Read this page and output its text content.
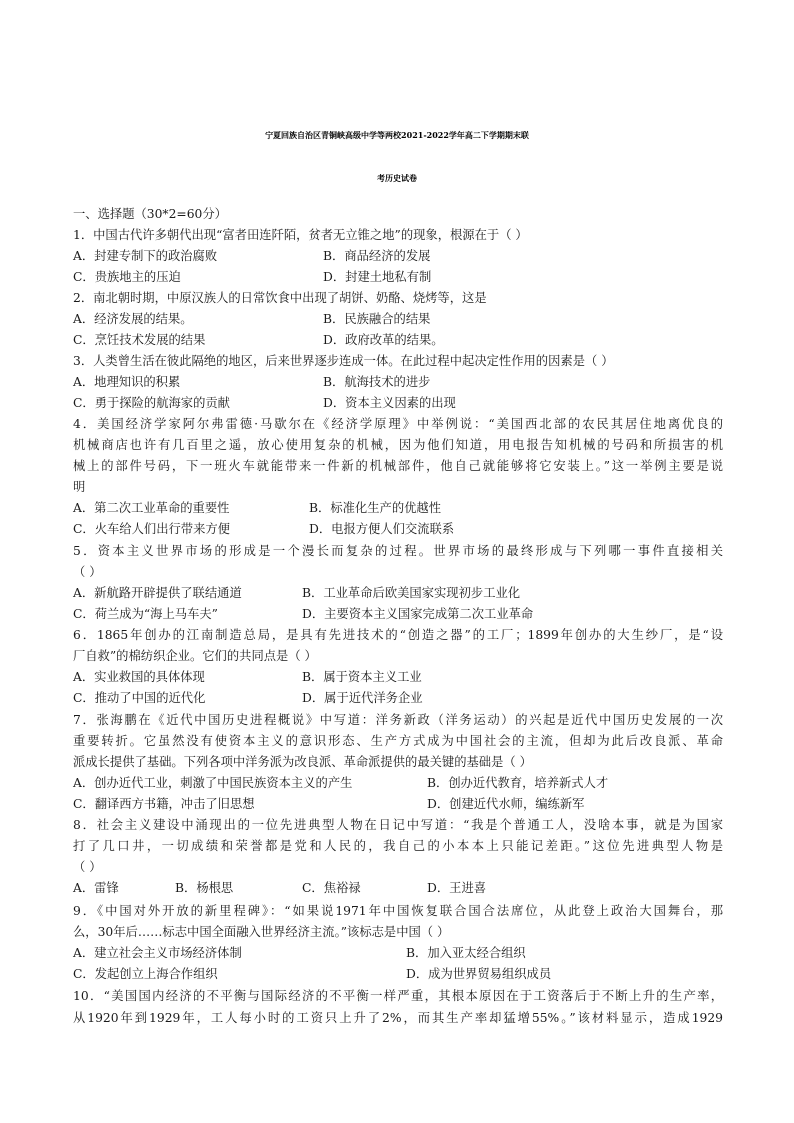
宁夏回族自治区青铜峡高级中学等两校2021-2022学年高二下学期期末联
考历史试卷
一、选择题（30*2=60分）
1．中国古代许多朝代出现“富者田连阡陌，贫者无立锥之地”的现象，根源在于（ ）
A．封建专制下的政治腐败	B．商品经济的发展
C．贵族地主的压迫	D．封建土地私有制
2．南北朝时期，中原汉族人的日常饮食中出现了胡饼、奶酪、烧烤等，这是
A．经济发展的结果。	B．民族融合的结果
C．烹饪技术发展的结果	D．政府改革的结果。
3．人类曾生活在彼此隔绝的地区，后来世界逐步连成一体。在此过程中起决定性作用的因素是（ ）
A．地理知识的积累	B．航海技术的进步
C．勇于探险的航海家的贡献	D．资本主义因素的出现
4．美国经济学家阿尔弗雷德·马歇尔在《经济学原理》中举例说：“美国西北部的农民其居住地离优良的
机械商店也许有几百里之遥，放心使用复杂的机械，因为他们知道，用电报告知机械的号码和所损害的机
械上的部件号码，下一班火车就能带来一件新的机械部件，他自己就能够将它安装上。”这一举例主要是说
明
A．第二次工业革命的重要性	B．标准化生产的优越性
C．火车给人们出行带来方便	D．电报方便人们交流联系
5．资本主义世界市场的形成是一个漫长而复杂的过程。世界市场的最终形成与下列哪一事件直接相关
（ ）
A．新航路开辟提供了联结通道	B．工业革命后欧美国家实现初步工业化
C．荷兰成为“海上马车夫”	D．主要资本主义国家完成第二次工业革命
6．1865年创办的江南制造总局，是具有先进技术的“创造之器”的工厂；1899年创办的大生纱厂，是“设
厂自救”的棉纺织企业。它们的共同点是（ ）
A．实业救国的具体体现	B．属于资本主义工业
C．推动了中国的近代化	D．属于近代洋务企业
7．张海鹏在《近代中国历史进程概说》中写道：洋务新政（洋务运动）的兴起是近代中国历史发展的一次
重要转折。它虽然没有使资本主义的意识形态、生产方式成为中国社会的主流，但却为此后改良派、革命
派成长提供了基础。下列各项中洋务派为改良派、革命派提供的最关键的基础是（ ）
A．创办近代工业，刺激了中国民族资本主义的产生	B．创办近代教育，培养新式人才
C．翻译西方书籍，冲击了旧思想	D．创建近代水师，编练新军
8．社会主义建设中涌现出的一位先进典型人物在日记中写道：“我是个普通工人，没啥本事，就是为国家
打了几口井，一切成绩和荣誉都是党和人民的，我自己的小本本上只能记差距。”这位先进典型人物是
（ ）
A．雷锋	B．杨根思	C．焦裕禄	D．王进喜
9．《中国对外开放的新里程碑》：“如果说1971年中国恢复联合国合法席位，从此登上政治大国舞台，那
么，30年后……标志中国全面融入世界经济主流。”该标志是中国（ ）
A．建立社会主义市场经济体制	B．加入亚太经合组织
C．发起创立上海合作组织	D．成为世界贸易组织成员
10．“美国国内经济的不平衡与国际经济的不平衡一样严重，其根本原因在于工资落后于不断上升的生产率，
从1920年到1929年，工人每小时的工资只上升了2%，而其生产率却猛增55%。”该材料显示，造成1929
